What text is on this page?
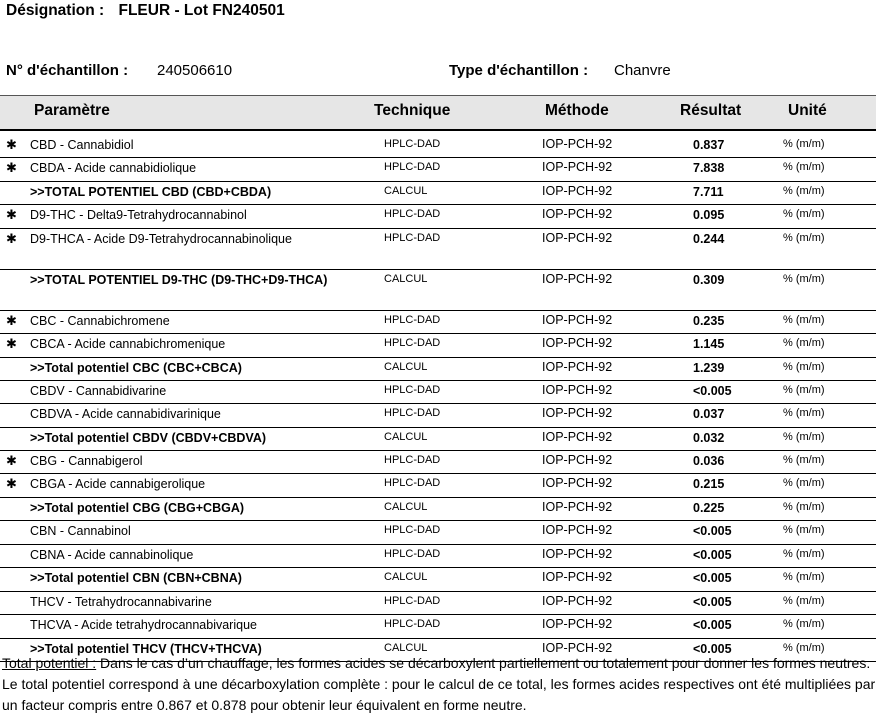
Désignation : FLEUR - Lot FN240501
N° d'échantillon : 240506610	Type d'échantillon : Chanvre
Paramètre	Technique	Méthode	Résultat	Unité
✱ CBD - Cannabidiol	HPLC-DAD	IOP-PCH-92	0.837	% (m/m)
✱ CBDA - Acide cannabidiolique	HPLC-DAD	IOP-PCH-92	7.838	% (m/m)
>>TOTAL POTENTIEL CBD (CBD+CBDA)	CALCUL	IOP-PCH-92	7.711	% (m/m)
✱ D9-THC - Delta9-Tetrahydrocannabinol	HPLC-DAD	IOP-PCH-92	0.095	% (m/m)
✱ D9-THCA - Acide D9-Tetrahydrocannabinolique	HPLC-DAD	IOP-PCH-92	0.244	% (m/m)
>>TOTAL POTENTIEL D9-THC (D9-THC+D9-THCA)	CALCUL	IOP-PCH-92	0.309	% (m/m)
✱ CBC - Cannabichromene	HPLC-DAD	IOP-PCH-92	0.235	% (m/m)
✱ CBCA - Acide cannabichromenique	HPLC-DAD	IOP-PCH-92	1.145	% (m/m)
>>Total potentiel CBC (CBC+CBCA)	CALCUL	IOP-PCH-92	1.239	% (m/m)
CBDV - Cannabidivarine	HPLC-DAD	IOP-PCH-92	<0.005	% (m/m)
CBDVA - Acide cannabidivarinique	HPLC-DAD	IOP-PCH-92	0.037	% (m/m)
>>Total potentiel CBDV (CBDV+CBDVA)	CALCUL	IOP-PCH-92	0.032	% (m/m)
✱ CBG - Cannabigerol	HPLC-DAD	IOP-PCH-92	0.036	% (m/m)
✱ CBGA - Acide cannabigerolique	HPLC-DAD	IOP-PCH-92	0.215	% (m/m)
>>Total potentiel CBG (CBG+CBGA)	CALCUL	IOP-PCH-92	0.225	% (m/m)
CBN - Cannabinol	HPLC-DAD	IOP-PCH-92	<0.005	% (m/m)
CBNA - Acide cannabinolique	HPLC-DAD	IOP-PCH-92	<0.005	% (m/m)
>>Total potentiel CBN (CBN+CBNA)	CALCUL	IOP-PCH-92	<0.005	% (m/m)
THCV - Tetrahydrocannabivarine	HPLC-DAD	IOP-PCH-92	<0.005	% (m/m)
THCVA - Acide tetrahydrocannabivarique	HPLC-DAD	IOP-PCH-92	<0.005	% (m/m)
>>Total potentiel THCV (THCV+THCVA)	CALCUL	IOP-PCH-92	<0.005	% (m/m)
Total potentiel : Dans le cas d’un chauffage, les formes acides se décarboxylent partiellement ou totalement pour donner les formes neutres. Le total potentiel correspond à une décarboxylation complète : pour le calcul de ce total, les formes acides respectives ont été multipliées par un facteur compris entre 0.867 et 0.878 pour obtenir leur équivalent en forme neutre.
